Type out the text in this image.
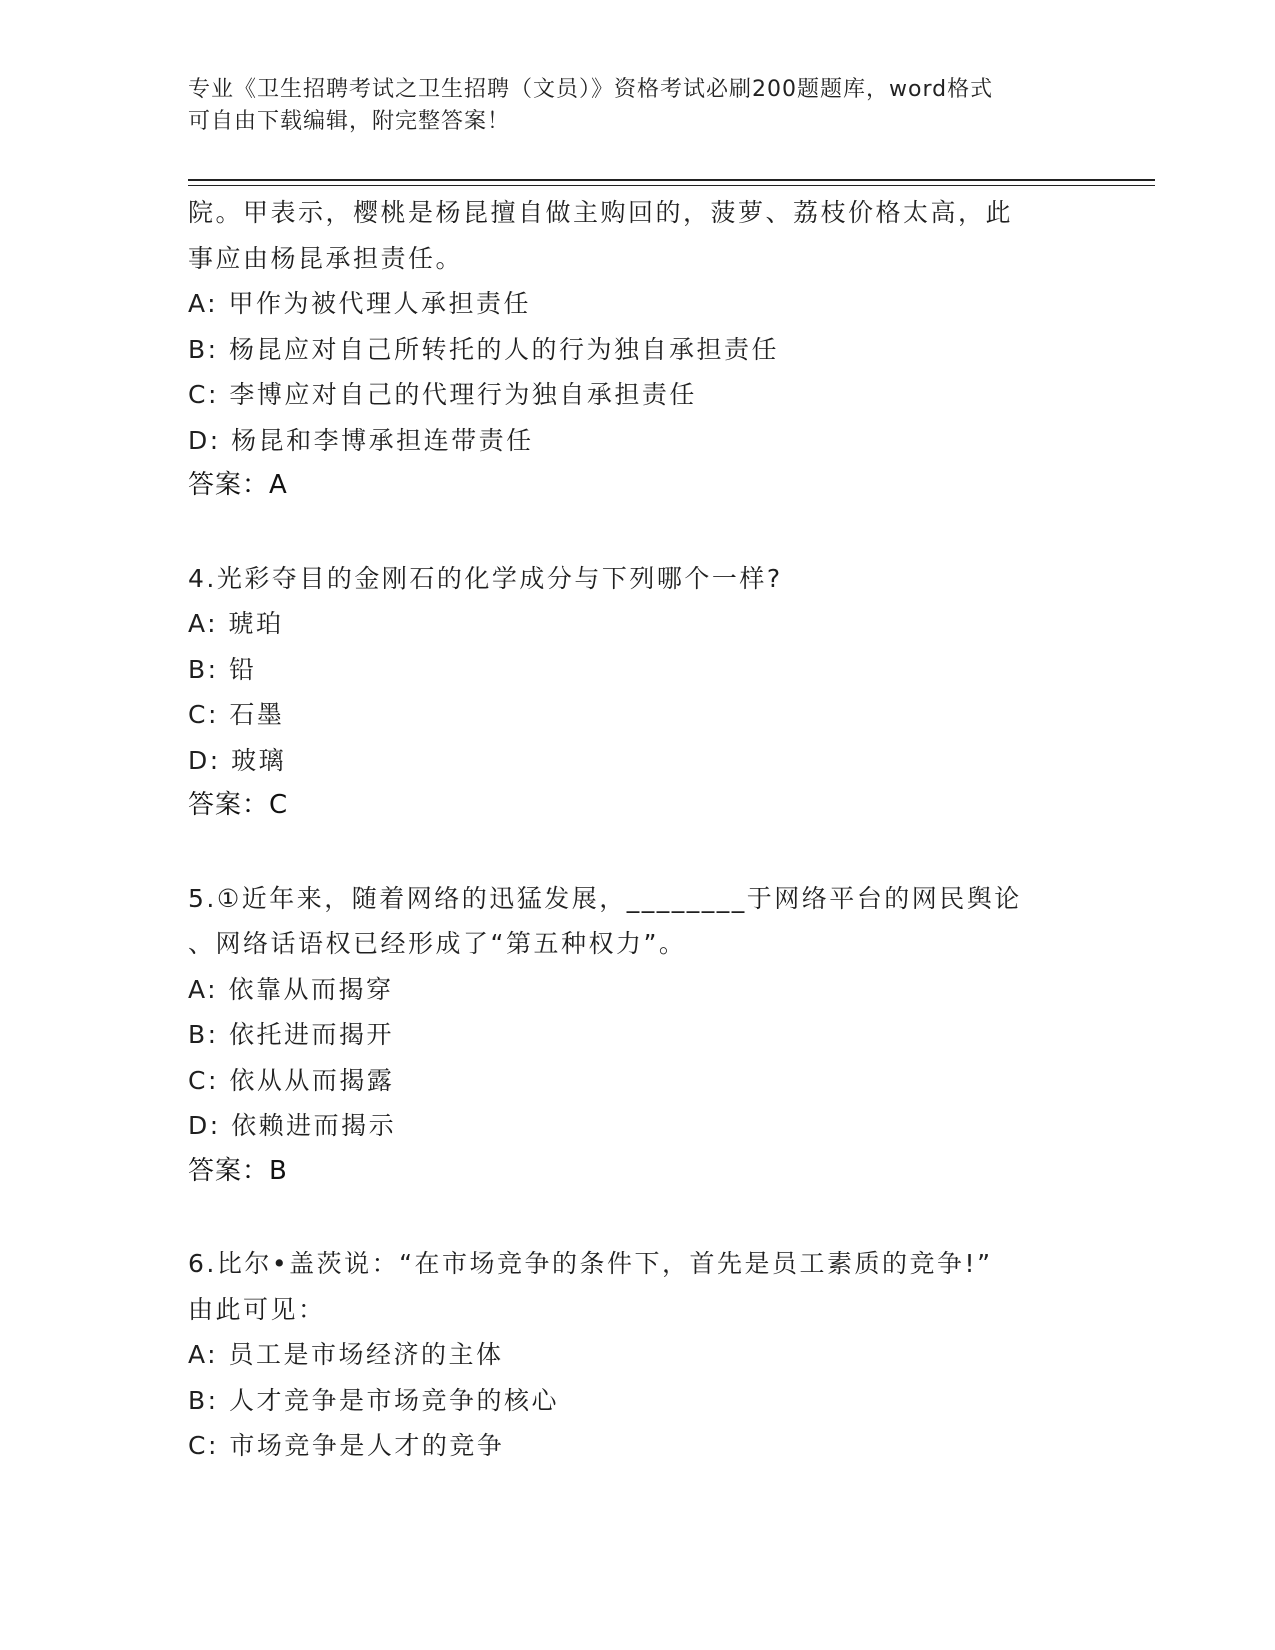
专业《卫生招聘考试之卫生招聘（文员）》资格考试必刷200题题库，word格式
可自由下载编辑，附完整答案！
院。甲表示，樱桃是杨昆擅自做主购回的，菠萝、荔枝价格太高，此
事应由杨昆承担责任。
A: 甲作为被代理人承担责任
B: 杨昆应对自己所转托的人的行为独自承担责任
C: 李博应对自己的代理行为独自承担责任
D: 杨昆和李博承担连带责任
答案：A
4.光彩夺目的金刚石的化学成分与下列哪个一样?
A: 琥珀
B: 铅
C: 石墨
D: 玻璃
答案：C
5.①近年来，随着网络的迅猛发展，________于网络平台的网民舆论
、网络话语权已经形成了“第五种权力”。
A: 依靠从而揭穿
B: 依托进而揭开
C: 依从从而揭露
D: 依赖进而揭示
答案：B
6.比尔•盖茨说：“在市场竞争的条件下，首先是员工素质的竞争!”
由此可见：
A: 员工是市场经济的主体
B: 人才竞争是市场竞争的核心
C: 市场竞争是人才的竞争
